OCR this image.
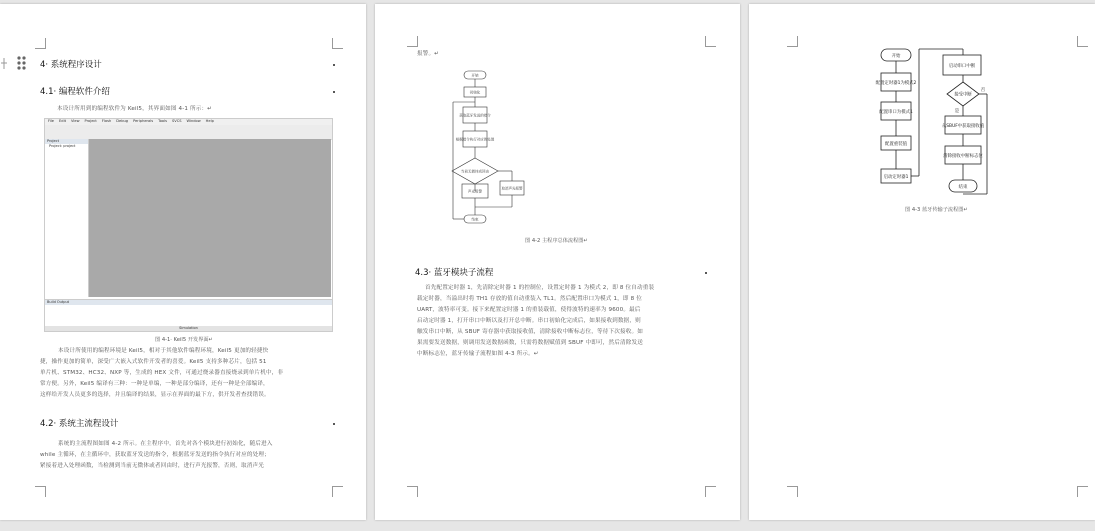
4· 系统程序设计
4.1· 编程软件介绍

本设计所用到的编程软件为 Keil5，其界面如图 4-1 所示：↵

File Edit View Project Flash Debug Peripherals Tools SVCS Window Help
Project
Project: project
Build Output
Simulation
图 4-1· Keil5 开发界面↵

本设计所使用的编程环境是 Keil5，相对于其他软件编程环境，Keil5 更加的轻捷快

捷，操作更加的简单，深受广大嵌入式软件开发者的喜爱。Keil5 支持多种芯片，包括 51

单片机、STM32、HC32、NXP 等，生成的 HEX 文件，可通过烧录器直接烧录到单片机中，非

常方便。另外，Keil5 编译有三种：一种是单编，一种是部分编译，还有一种是全部编译，

这样给开发人员更多的选择，并且编译的结果，显示在界面的最下方，供开发者查找错误。

4.2· 系统主流程设计

系统的主流程图如图 4-2 所示。在主程序中，首先对各个模块进行初始化，随后进入

while 主循环，在主循环中，获取蓝牙发送的指令，根据蓝牙发送的指令执行对应的处理；

紧接着进入处理函数，当检测到当前无微体或者回由时，进行声光报警，否则，取消声光

报警。↵

开始
初始化
获取蓝牙发送的指令
根据指令执行对应的处理
当前无微体或回由
声光报警
取消声光报警
结束
图 4-2 主程序总体流程图↵
4.3· 蓝牙模块子流程

首先配置定时器 1，先清除定时器 1 的控制位，设置定时器 1 为模式 2，即 8 位自动重装

载定时器，当溢出时将 TH1 存放的值自动重装入 TL1。然后配置串口为模式 1，即 8 位

UART，波特率可变。接下来配置定时器 1 的重装载值，使得波特的速率为 9600。最后

启动定时器 1，打开串口中断以及打开总中断。串口初始化完成后，如果接收到数据，则

触发串口中断，从 SBUF 寄存器中获取接收值，清除接收中断标志位，等待下次接收。如

果需要发送数据，则调用发送数据函数，只需将数据赋值到 SBUF 中即可，然后清除发送

中断标志位，蓝牙传输子流程如图 4-3 所示。↵

开始
配置定时器1为模式2
配置串口为模式1
配置重装值
启动定时器1
启动串口中断
接受中断
是
否
从SBUF中获取接收值
清除接收中断标志位
结束
图 4-3 蓝牙传输子流程图↵
